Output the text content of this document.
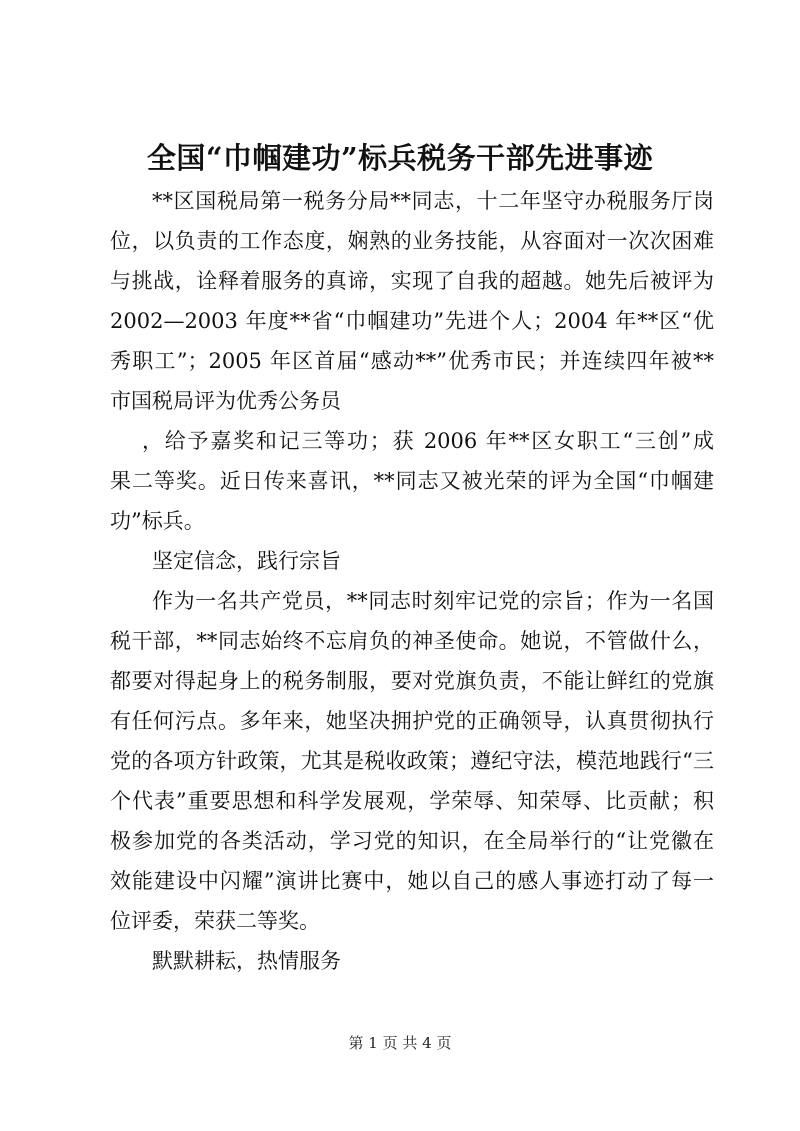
全国“巾帼建功”标兵税务干部先进事迹
**区国税局第一税务分局**同志，十二年坚守办税服务厅岗
位，以负责的工作态度，娴熟的业务技能，从容面对一次次困难
与挑战，诠释着服务的真谛，实现了自我的超越。她先后被评为
2002—2003 年度**省“巾帼建功”先进个人；2004 年**区“优
秀职工”；2005 年区首届“感动**”优秀市民；并连续四年被**
市国税局评为优秀公务员
，给予嘉奖和记三等功；获 2006 年**区女职工“三创”成
果二等奖。近日传来喜讯，**同志又被光荣的评为全国“巾帼建
功”标兵。
坚定信念，践行宗旨
作为一名共产党员，**同志时刻牢记党的宗旨；作为一名国
税干部，**同志始终不忘肩负的神圣使命。她说，不管做什么，
都要对得起身上的税务制服，要对党旗负责，不能让鲜红的党旗
有任何污点。多年来，她坚决拥护党的正确领导，认真贯彻执行
党的各项方针政策，尤其是税收政策；遵纪守法，模范地践行“三
个代表”重要思想和科学发展观，学荣辱、知荣辱、比贡献；积
极参加党的各类活动，学习党的知识，在全局举行的“让党徽在
效能建设中闪耀”演讲比赛中，她以自己的感人事迹打动了每一
位评委，荣获二等奖。
默默耕耘，热情服务
第 1 页 共 4 页
